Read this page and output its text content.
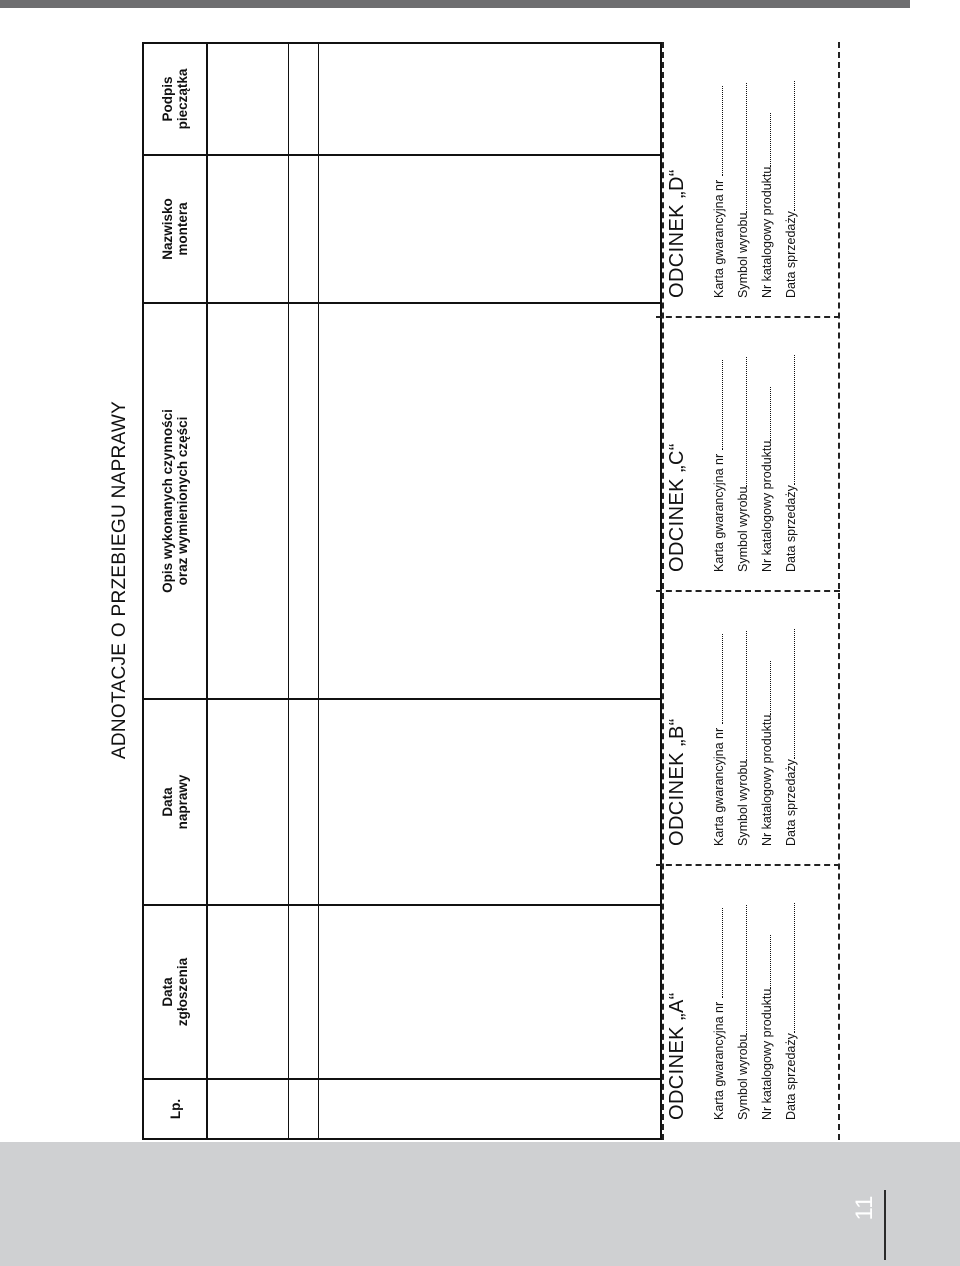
ADNOTACJE O PRZEBIEGU NAPRAWY
Lp.
Data
zgłoszenia
Data
naprawy
Opis wykonanych czynności
oraz wymienionych części
Nazwisko
montera
Podpis
pieczątka
ODCINEK „A“ Karta gwarancyjna nr Symbol wyrobu Nr katalogowy produktu Data sprzedaży
ODCINEK „B“ Karta gwarancyjna nr Symbol wyrobu Nr katalogowy produktu Data sprzedaży
ODCINEK „C“ Karta gwarancyjna nr Symbol wyrobu Nr katalogowy produktu Data sprzedaży
ODCINEK „D“ Karta gwarancyjna nr Symbol wyrobu Nr katalogowy produktu Data sprzedaży
11
